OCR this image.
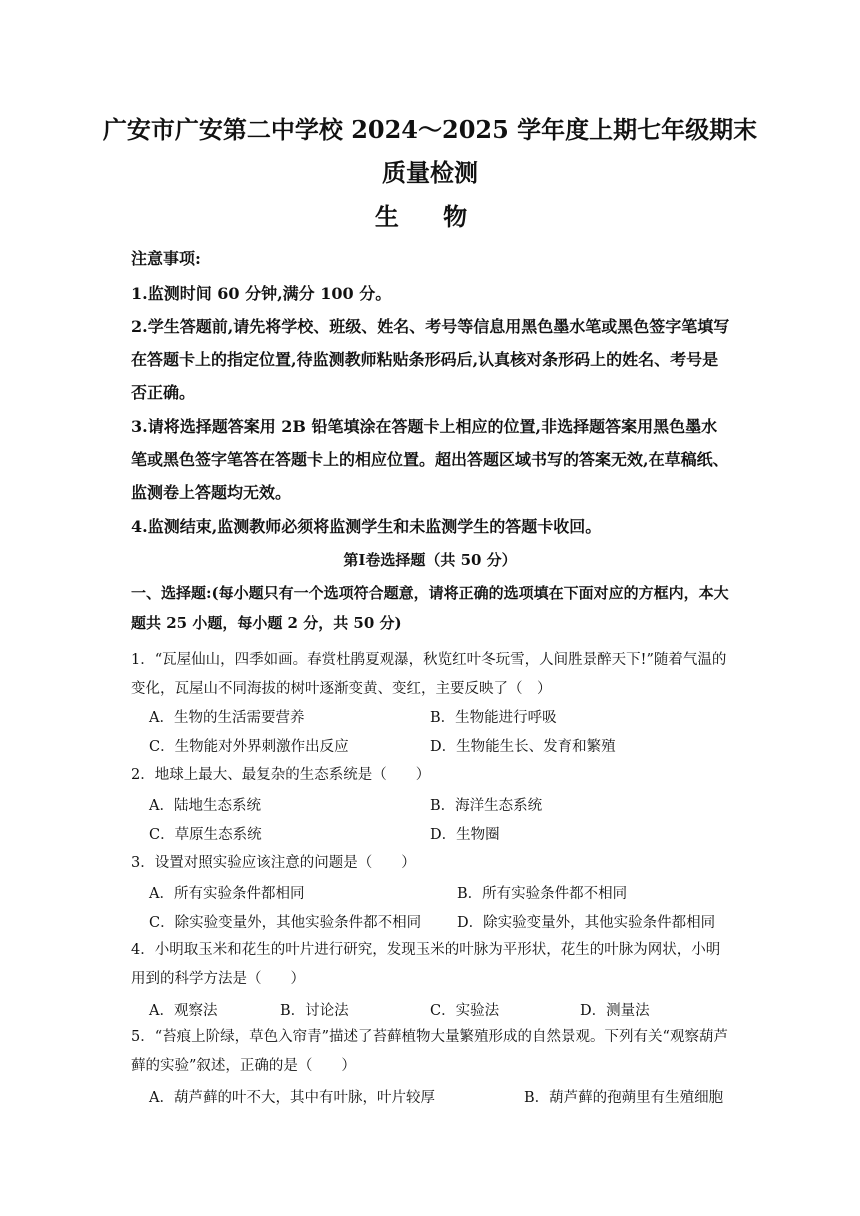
广安市广安第二中学校 2024～2025 学年度上期七年级期末
质量检测
生 物
注意事项:
1.监测时间 60 分钟,满分 100 分。
2.学生答题前,请先将学校、班级、姓名、考号等信息用黑色墨水笔或黑色签字笔填写在答题卡上的指定位置,待监测教师粘贴条形码后,认真核对条形码上的姓名、考号是否正确。
3.请将选择题答案用 2B 铅笔填涂在答题卡上相应的位置,非选择题答案用黑色墨水笔或黑色签字笔答在答题卡上的相应位置。超出答题区域书写的答案无效,在草稿纸、监测卷上答题均无效。
4.监测结束,监测教师必须将监测学生和未监测学生的答题卡收回。
第Ⅰ卷选择题（共 50 分）
一、选择题:(每小题只有一个选项符合题意，请将正确的选项填在下面对应的方框内，本大题共 25 小题，每小题 2 分，共 50 分)
1．“瓦屋仙山，四季如画。春赏杜鹃夏观瀑，秋览红叶冬玩雪，人间胜景醉天下!”随着气温的变化，瓦屋山不同海拔的树叶逐渐变黄、变红，主要反映了（　）
A．生物的生活需要营养	B．生物能进行呼吸
C．生物能对外界刺激作出反应	D．生物能生长、发育和繁殖
2．地球上最大、最复杂的生态系统是（　　）
A．陆地生态系统	B．海洋生态系统
C．草原生态系统	D．生物圈
3．设置对照实验应该注意的问题是（　　）
A．所有实验条件都相同	B．所有实验条件都不相同
C．除实验变量外，其他实验条件都不相同 D．除实验变量外，其他实验条件都相同
4．小明取玉米和花生的叶片进行研究，发现玉米的叶脉为平形状，花生的叶脉为网状，小明用到的科学方法是（　　）
A．观察法	B．讨论法	C．实验法	D．测量法
5．“苔痕上阶绿，草色入帘青”描述了苔藓植物大量繁殖形成的自然景观。下列有关“观察葫芦藓的实验”叙述，正确的是（　　）
A．葫芦藓的叶不大，其中有叶脉，叶片较厚	B．葫芦藓的孢蒴里有生殖细胞
